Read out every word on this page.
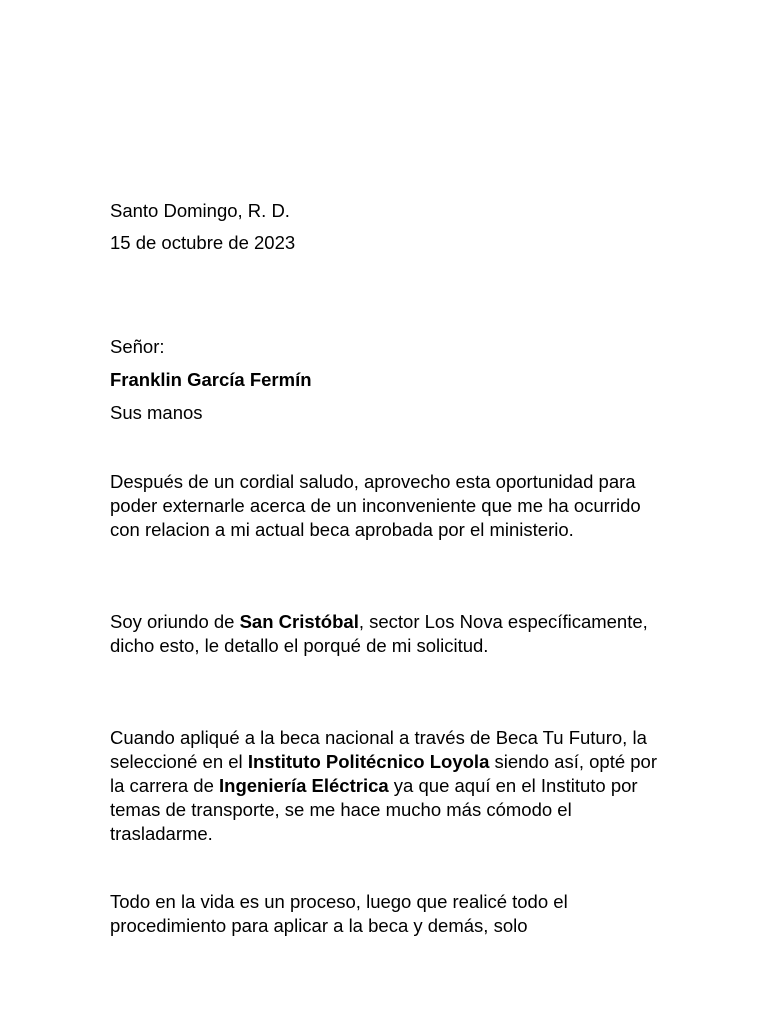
Santo Domingo, R. D.

15 de octubre de 2023

Señor:

Franklin García Fermín

Sus manos

Después de un cordial saludo, aprovecho esta oportunidad para poder externarle acerca de un inconveniente que me ha ocurrido con relacion a mi actual beca aprobada por el ministerio.

Soy oriundo de San Cristóbal, sector Los Nova específicamente, dicho esto, le detallo el porqué de mi solicitud.

Cuando apliqué a la beca nacional a través de Beca Tu Futuro, la seleccioné en el Instituto Politécnico Loyola siendo así, opté por la carrera de Ingeniería Eléctrica ya que aquí en el Instituto por temas de transporte, se me hace mucho más cómodo el trasladarme.

Todo en la vida es un proceso, luego que realicé todo el procedimiento para aplicar a la beca y demás, solo
